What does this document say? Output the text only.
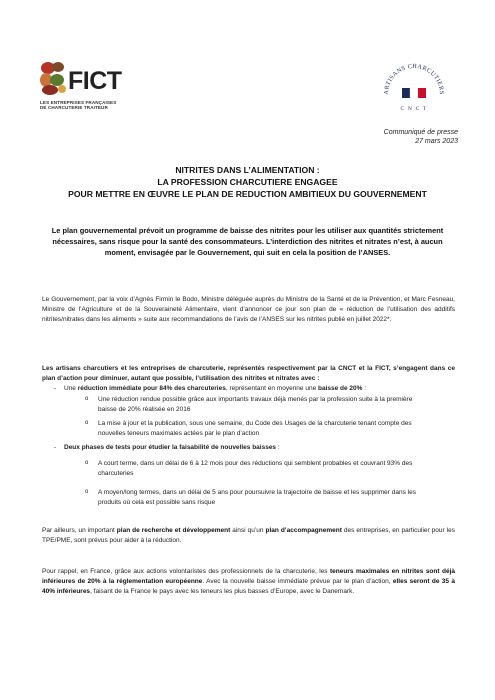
FICT
LES ENTREPRISES FRANÇAISES
DE CHARCUTERIE TRAITEUR
ARTISANS CHARCUTIERS
C N C T
Communiqué de presse
27 mars 2023
NITRITES DANS L’ALIMENTATION :
LA PROFESSION CHARCUTIERE ENGAGEE
POUR METTRE EN ŒUVRE LE PLAN DE REDUCTION AMBITIEUX DU GOUVERNEMENT
Le plan gouvernemental prévoit un programme de baisse des nitrites pour les utiliser aux quantités strictement nécessaires, sans risque pour la santé des consommateurs. L’interdiction des nitrites et nitrates n’est, à aucun moment, envisagée par le Gouvernement, qui suit en cela la position de l’ANSES.
Le Gouvernement, par la voix d’Agnès Firmin le Bodo, Ministre déléguée auprès du Ministre de la Santé et de la Prévention, et Marc Fesneau, Ministre de l’Agriculture et de la Souveraineté Alimentaire, vient d’annoncer ce jour son plan de « réduction de l’utilisation des additifs nitrites/nitrates dans les aliments » suite aux recommandations de l’avis de l’ANSES sur les nitrites publié en juillet 2022*.
Les artisans charcutiers et les entreprises de charcuterie, représentés respectivement par la CNCT et la FICT, s’engagent dans ce plan d’action pour diminuer, autant que possible, l’utilisation des nitrites et nitrates avec :
- Une réduction immédiate pour 84% des charcuteries, représentant en moyenne une baisse de 20% :
o Une réduction rendue possible grâce aux importants travaux déjà menés par la profession suite à la première baisse de 20% réalisée en 2016
o La mise à jour et la publication, sous une semaine, du Code des Usages de la charcuterie tenant compte des nouvelles teneurs maximales actées par le plan d’action
- Deux phases de tests pour étudier la faisabilité de nouvelles baisses :
o A court terme, dans un délai de 6 à 12 mois pour des réductions qui semblent probables et couvrant 93% des charcuteries
o A moyen/long termes, dans un délai de 5 ans pour poursuivre la trajectoire de baisse et les supprimer dans les produits où cela est possible sans risque
Par ailleurs, un important plan de recherche et développement ainsi qu’un plan d’accompagnement des entreprises, en particulier pour les TPE/PME, sont prévus pour aider à la réduction.
Pour rappel, en France, grâce aux actions volontaristes des professionnels de la charcuterie, les teneurs maximales en nitrites sont déjà inférieures de 20% à la réglementation européenne. Avec la nouvelle baisse immédiate prévue par le plan d’action, elles seront de 35 à 40% inférieures, faisant de la France le pays avec les teneurs les plus basses d’Europe, avec le Danemark.
